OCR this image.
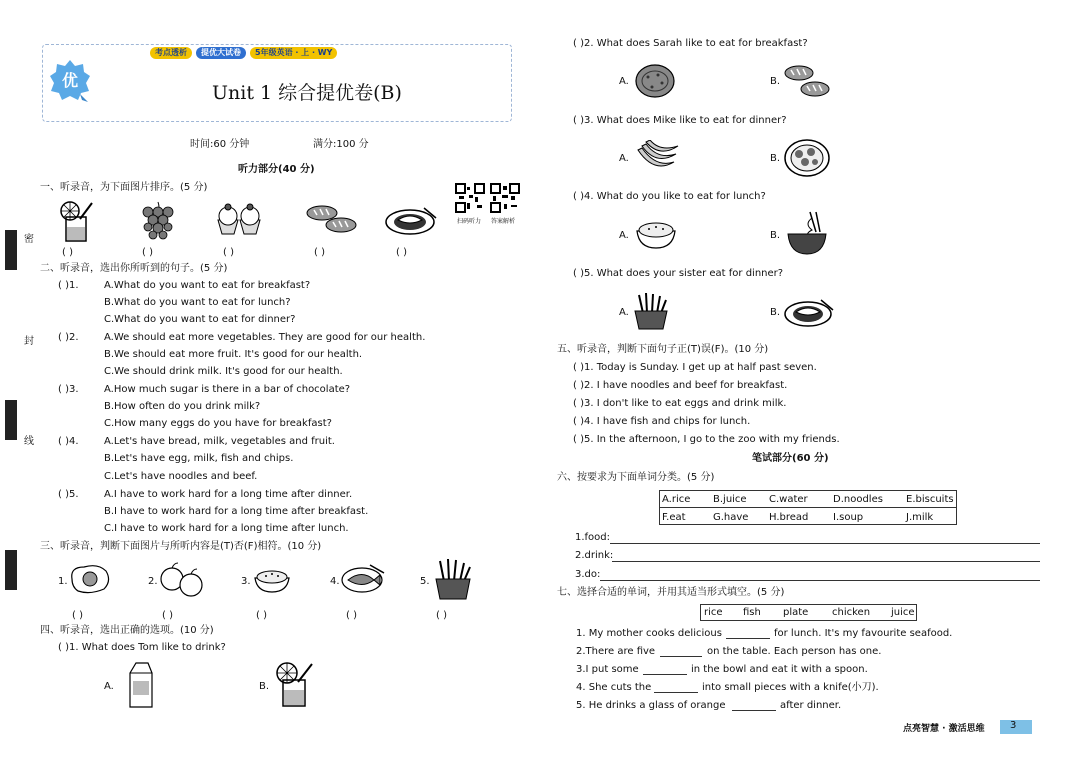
密
封
线
考点透析	提优大试卷	5年级英语 · 上 · WY
优
Unit 1 综合提优卷(B)
时间:60 分钟	满分:100 分
听力部分(40 分)
扫码听力 答案解析
一、听录音，为下面图片排序。(5 分)
( )	( )	( )	( )	( )
二、听录音，选出你所听到的句子。(5 分)
( )1.	A.What do you want to eat for breakfast?
B.What do you want to eat for lunch?
C.What do you want to eat for dinner?
( )2.	A.We should eat more vegetables. They are good for our health.
B.We should eat more fruit. It's good for our health.
C.We should drink milk. It's good for our health.
( )3.	A.How much sugar is there in a bar of chocolate?
B.How often do you drink milk?
C.How many eggs do you have for breakfast?
( )4.	A.Let's have bread, milk, vegetables and fruit.
B.Let's have egg, milk, fish and chips.
C.Let's have noodles and beef.
( )5.	A.I have to work hard for a long time after dinner.
B.I have to work hard for a long time after breakfast.
C.I have to work hard for a long time after lunch.
三、听录音，判断下面图片与所听内容是(T)否(F)相符。(10 分)
1.	2.	3.	4.	5.
( )	( )	( )	( )	( )
四、听录音，选出正确的选项。(10 分)
( )1. What does Tom like to drink?
A.	B.
( )2. What does Sarah like to eat for breakfast?
A.	B.
( )3. What does Mike like to eat for dinner?
A.	B.
( )4. What do you like to eat for lunch?
A.	B.
( )5. What does your sister eat for dinner?
A.	B.
五、听录音，判断下面句子正(T)误(F)。(10 分)
( )1. Today is Sunday. I get up at half past seven.
( )2. I have noodles and beef for breakfast.
( )3. I don't like to eat eggs and drink milk.
( )4. I have fish and chips for lunch.
( )5. In the afternoon, I go to the zoo with my friends.
笔试部分(60 分)
六、按要求为下面单词分类。(5 分)
A.rice B.juice C.water	D.noodles E.biscuits
F.eat	G.have H.bread I.soup	J.milk
1.food:
2.drink:
3.do:
七、选择合适的单词，并用其适当形式填空。(5 分)
rice fish plate chicken juice
1. My mother cooks delicious	for lunch. It's my favourite seafood.
2.There are five	on the table. Each person has one.
3.I put some	in the bowl and eat it with a spoon.
4. She cuts the	into small pieces with a knife(小刀).
5. He drinks a glass of orange	after dinner.
点亮智慧 · 激活思维	3
